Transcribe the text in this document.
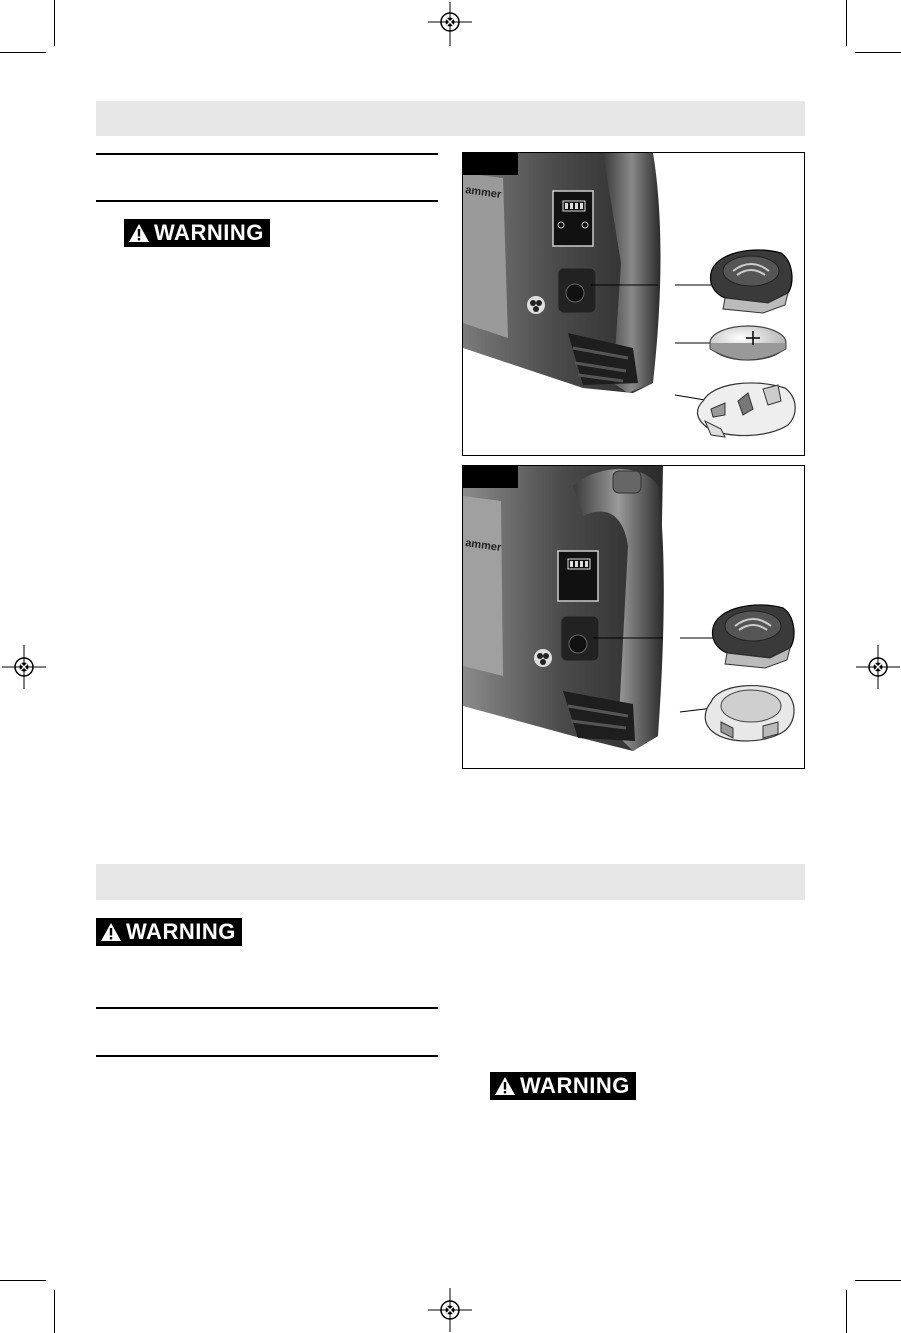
WARNING
WARNING
WARNING
ammer
ammer
